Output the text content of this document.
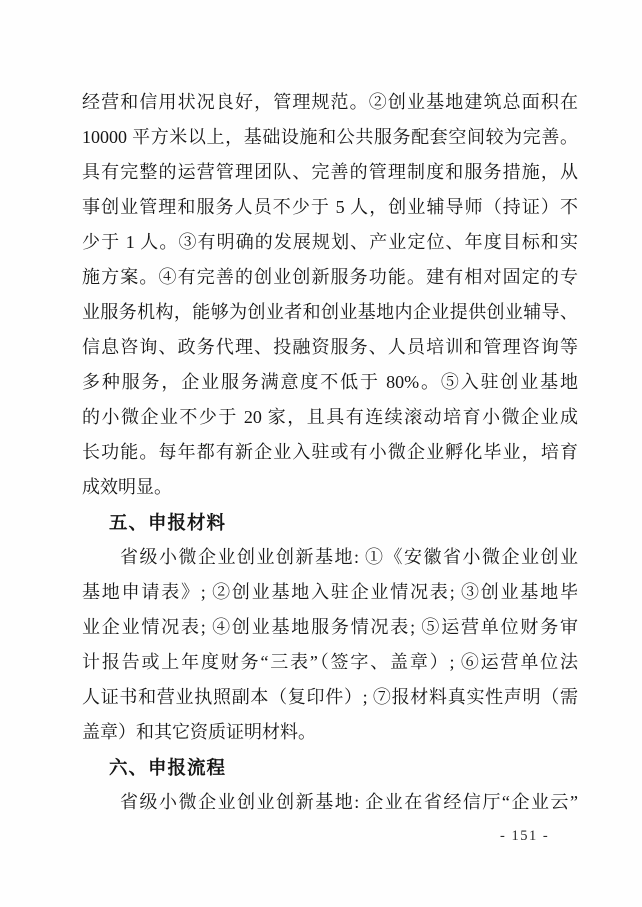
经营和信用状况良好，管理规范。②创业基地建筑总面积在
10000 平方米以上，基础设施和公共服务配套空间较为完善。
具有完整的运营管理团队、完善的管理制度和服务措施，从
事创业管理和服务人员不少于 5 人，创业辅导师（持证）不
少于 1 人。③有明确的发展规划、产业定位、年度目标和实
施方案。④有完善的创业创新服务功能。建有相对固定的专
业服务机构，能够为创业者和创业基地内企业提供创业辅导、
信息咨询、政务代理、投融资服务、人员培训和管理咨询等
多种服务，企业服务满意度不低于 80%。⑤入驻创业基地
的小微企业不少于 20 家，且具有连续滚动培育小微企业成
长功能。每年都有新企业入驻或有小微企业孵化毕业，培育
成效明显。
五、申报材料
省级小微企业创业创新基地: ①《安徽省小微企业创业
基地申请表》; ②创业基地入驻企业情况表; ③创业基地毕
业企业情况表; ④创业基地服务情况表; ⑤运营单位财务审
计报告或上年度财务“三表”（签字、盖章）; ⑥运营单位法
人证书和营业执照副本（复印件）; ⑦报材料真实性声明（需
盖章）和其它资质证明材料。
六、申报流程
省级小微企业创业创新基地: 企业在省经信厅“企业云”
- 151 -
